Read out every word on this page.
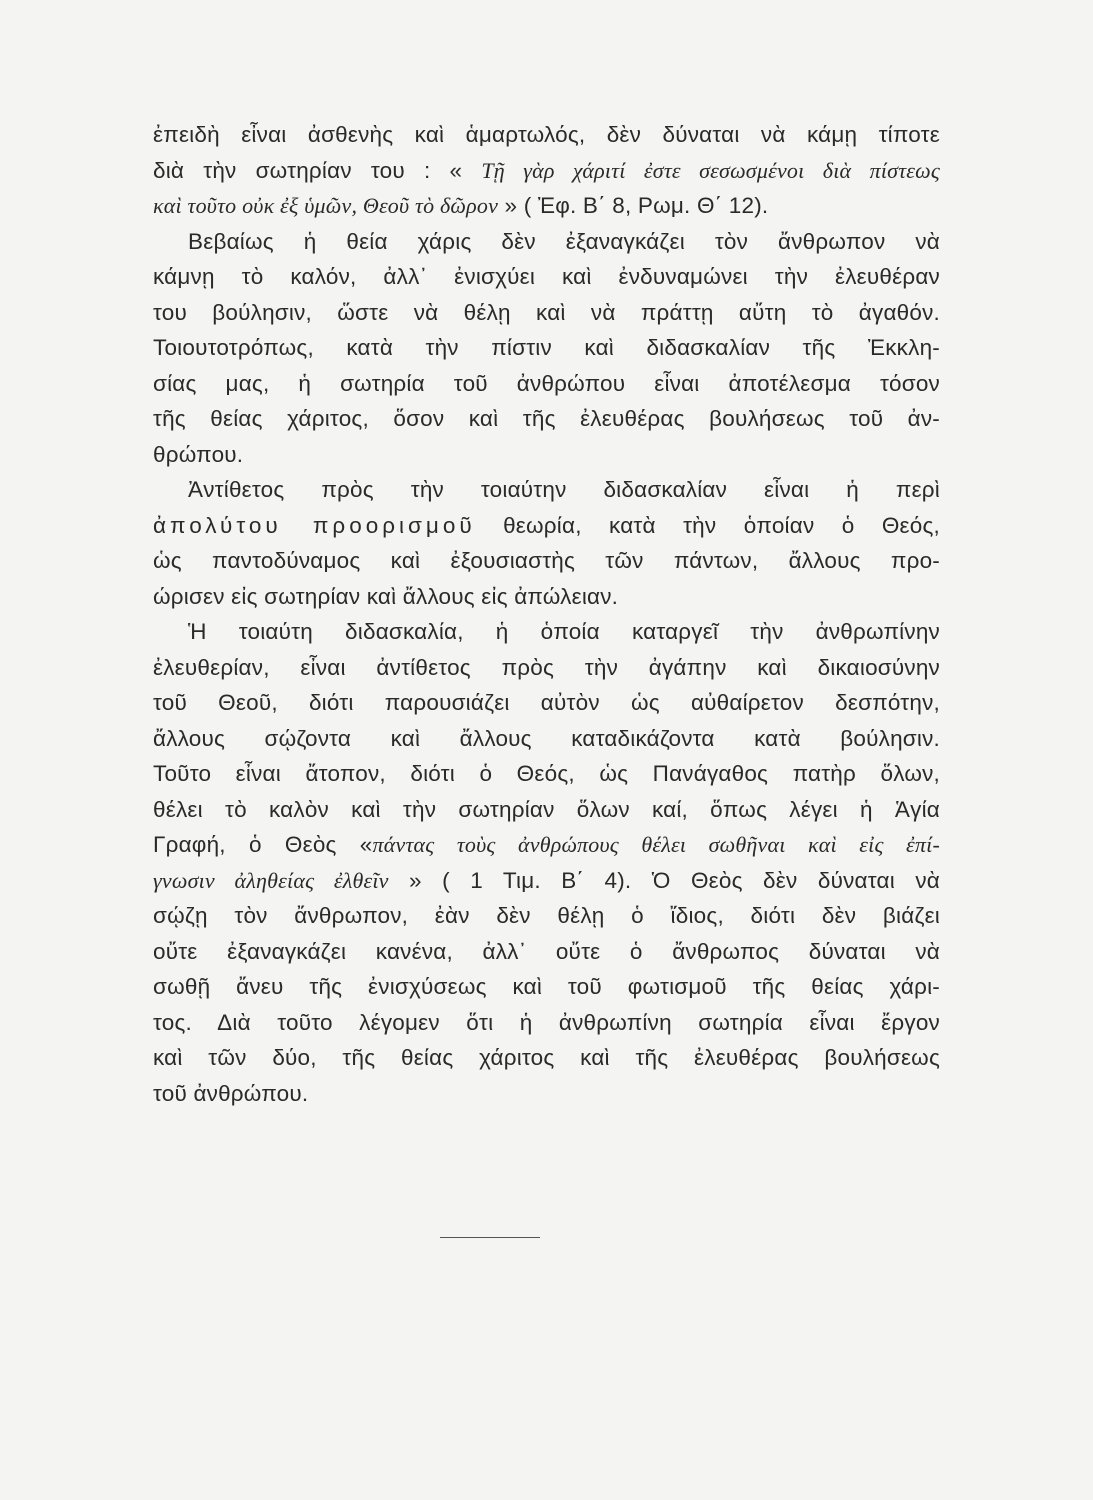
ἐπειδὴ εἶναι ἀσθενὴς καὶ ἁμαρτωλός, δὲν δύναται νὰ κάμῃ τίποτε
διὰ τὴν σωτηρίαν του : « Τῇ γὰρ χάριτί ἐστε σεσωσμένοι διὰ πίστεως
καὶ τοῦτο οὐκ ἐξ ὑμῶν, Θεοῦ τὸ δῶρον » ( Ἐφ. Β΄ 8, Ρωμ. Θ΄ 12).
Βεβαίως ἡ θεία χάρις δὲν ἐξαναγκάζει τὸν ἄνθρωπον νὰ
κάμνῃ τὸ καλόν, ἀλλ᾽ ἐνισχύει καὶ ἐνδυναμώνει τὴν ἐλευθέραν
του βούλησιν, ὥστε νὰ θέλῃ καὶ νὰ πράττῃ αὔτη τὸ ἀγαθόν.
Τοιουτοτρόπως, κατὰ τὴν πίστιν καὶ διδασκαλίαν τῆς Ἐκκλη-
σίας μας, ἡ σωτηρία τοῦ ἀνθρώπου εἶναι ἀποτέλεσμα τόσον
τῆς θείας χάριτος, ὅσον καὶ τῆς ἐλευθέρας βουλήσεως τοῦ ἀν-
θρώπου.
Ἀντίθετος πρὸς τὴν τοιαύτην διδασκαλίαν εἶναι ἡ περὶ
ἀπολύτου προορισμοῦ θεωρία, κατὰ τὴν ὁποίαν ὁ Θεός,
ὡς παντοδύναμος καὶ ἐξουσιαστὴς τῶν πάντων, ἄλλους προ-
ώρισεν εἰς σωτηρίαν καὶ ἄλλους εἰς ἀπώλειαν.
Ἡ τοιαύτη διδασκαλία, ἡ ὁποία καταργεῖ τὴν ἀνθρωπίνην
ἐλευθερίαν, εἶναι ἀντίθετος πρὸς τὴν ἀγάπην καὶ δικαιοσύνην
τοῦ Θεοῦ, διότι παρουσιάζει αὐτὸν ὡς αὐθαίρετον δεσπότην,
ἄλλους σῴζοντα καὶ ἄλλους καταδικάζοντα κατὰ βούλησιν.
Τοῦτο εἶναι ἄτοπον, διότι ὁ Θεός, ὡς Πανάγαθος πατὴρ ὅλων,
θέλει τὸ καλὸν καὶ τὴν σωτηρίαν ὅλων καί, ὅπως λέγει ἡ Ἁγία
Γραφή, ὁ Θεὸς «πάντας τοὺς ἀνθρώπους θέλει σωθῆναι καὶ εἰς ἐπί-
γνωσιν ἀληθείας ἐλθεῖν » ( 1 Τιμ. Β΄ 4). Ὁ Θεὸς δὲν δύναται νὰ
σῴζῃ τὸν ἄνθρωπον, ἐὰν δὲν θέλῃ ὁ ἴδιος, διότι δὲν βιάζει
οὔτε ἐξαναγκάζει κανένα, ἀλλ᾽ οὔτε ὁ ἄνθρωπος δύναται νὰ
σωθῇ ἄνευ τῆς ἐνισχύσεως καὶ τοῦ φωτισμοῦ τῆς θείας χάρι-
τος. Διὰ τοῦτο λέγομεν ὅτι ἡ ἀνθρωπίνη σωτηρία εἶναι ἔργον
καὶ τῶν δύο, τῆς θείας χάριτος καὶ τῆς ἐλευθέρας βουλήσεως
τοῦ ἀνθρώπου.
